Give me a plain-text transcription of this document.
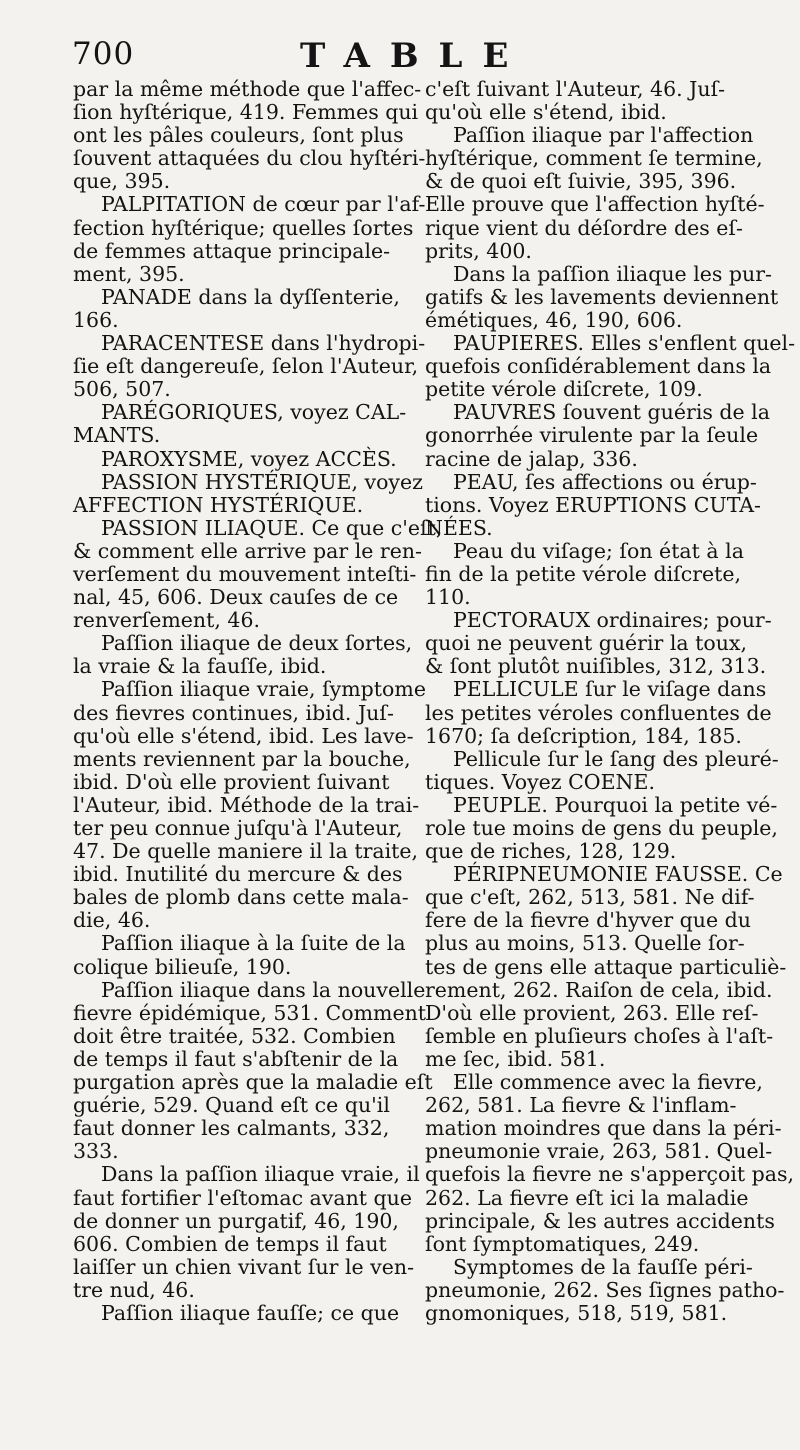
700	TABLE
par la même méthode que l'affec-
ſion hyſtérique, 419. Femmes qui
ont les pâles couleurs, ſont plus
ſouvent attaquées du clou hyſtéri-
que, 395.
PALPITATION de cœur par l'af-
fection hyſtérique; quelles ſortes
de femmes attaque principale-
ment, 395.
PANADE dans la dyſſenterie,
166.
PARACENTESE dans l'hydropi-
ſie eſt dangereuſe, ſelon l'Auteur,
506, 507.
PARÉGORIQUES, voyez CAL-
MANTS.
PAROXYSME, voyez ACCÈS.
PASSION HYSTÉRIQUE, voyez
AFFECTION HYSTÉRIQUE.
PASSION ILIAQUE. Ce que c'eſt,
& comment elle arrive par le ren-
verſement du mouvement inteſti-
nal, 45, 606. Deux cauſes de ce
renverſement, 46.
Paſſion iliaque de deux ſortes,
la vraie & la fauſſe, ibid.
Paſſion iliaque vraie, ſymptome
des fievres continues, ibid. Juſ-
qu'où elle s'étend, ibid. Les lave-
ments reviennent par la bouche,
ibid. D'où elle provient ſuivant
l'Auteur, ibid. Méthode de la trai-
ter peu connue juſqu'à l'Auteur,
47. De quelle maniere il la traite,
ibid. Inutilité du mercure & des
bales de plomb dans cette mala-
die, 46.
Paſſion iliaque à la ſuite de la
colique bilieuſe, 190.
Paſſion iliaque dans la nouvelle
fievre épidémique, 531. Comment
doit être traitée, 532. Combien
de temps il faut s'abſtenir de la
purgation après que la maladie eſt
guérie, 529. Quand eſt ce qu'il
faut donner les calmants, 332,
333.
Dans la paſſion iliaque vraie, il
faut fortifier l'eſtomac avant que
de donner un purgatif, 46, 190,
606. Combien de temps il faut
laiſſer un chien vivant ſur le ven-
tre nud, 46.
Paſſion iliaque fauſſe; ce que
c'eſt ſuivant l'Auteur, 46. Juſ-
qu'où elle s'étend, ibid.
Paſſion iliaque par l'affection
hyſtérique, comment ſe termine,
& de quoi eſt ſuivie, 395, 396.
Elle prouve que l'affection hyſté-
rique vient du déſordre des eſ-
prits, 400.
Dans la paſſion iliaque les pur-
gatifs & les lavements deviennent
émétiques, 46, 190, 606.
PAUPIERES. Elles s'enflent quel-
quefois conſidérablement dans la
petite vérole diſcrete, 109.
PAUVRES ſouvent guéris de la
gonorrhée virulente par la ſeule
racine de jalap, 336.
PEAU, ſes affections ou érup-
tions. Voyez ERUPTIONS CUTA-
NÉES.
Peau du viſage; ſon état à la
fin de la petite vérole diſcrete,
110.
PECTORAUX ordinaires; pour-
quoi ne peuvent guérir la toux,
& ſont plutôt nuiſibles, 312, 313.
PELLICULE ſur le viſage dans
les petites véroles confluentes de
1670; ſa deſcription, 184, 185.
Pellicule ſur le ſang des pleuré-
tiques. Voyez COENE.
PEUPLE. Pourquoi la petite vé-
role tue moins de gens du peuple,
que de riches, 128, 129.
PÉRIPNEUMONIE FAUSSE. Ce
que c'eſt, 262, 513, 581. Ne dif-
fere de la fievre d'hyver que du
plus au moins, 513. Quelle ſor-
tes de gens elle attaque particuliè-
rement, 262. Raiſon de cela, ibid.
D'où elle provient, 263. Elle reſ-
ſemble en pluſieurs choſes à l'aſt-
me ſec, ibid. 581.
Elle commence avec la fievre,
262, 581. La fievre & l'inflam-
mation moindres que dans la péri-
pneumonie vraie, 263, 581. Quel-
quefois la fievre ne s'apperçoit pas,
262. La fievre eſt ici la maladie
principale, & les autres accidents
ſont ſymptomatiques, 249.
Symptomes de la fauſſe péri-
pneumonie, 262. Ses ſignes patho-
gnomoniques, 518, 519, 581.
